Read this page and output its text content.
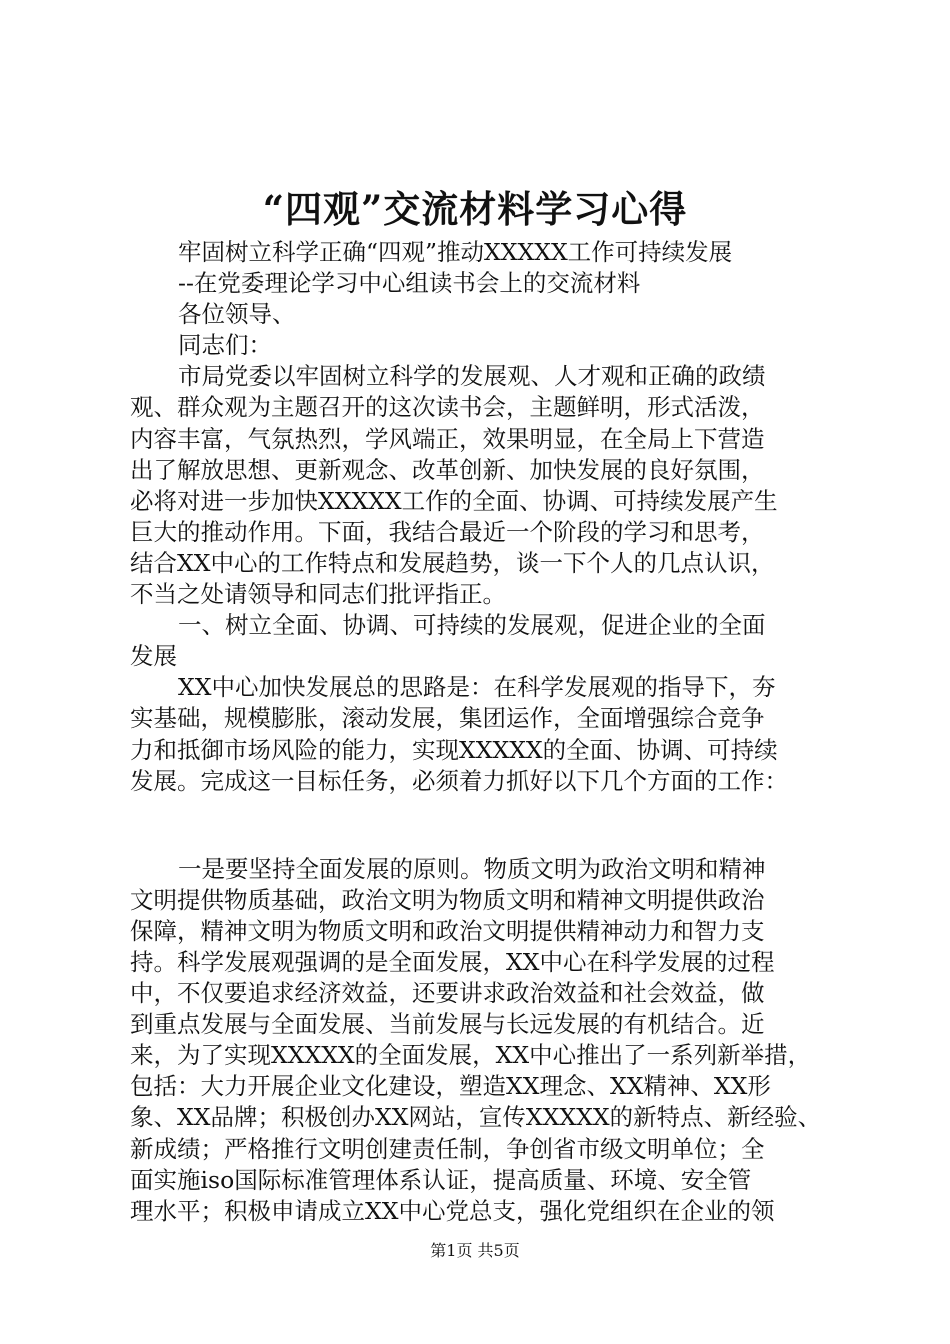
“四观”交流材料学习心得
牢固树立科学正确“四观”推动XXXXX工作可持续发展
--在党委理论学习中心组读书会上的交流材料
各位领导、
同志们：
市局党委以牢固树立科学的发展观、人才观和正确的政绩
观、群众观为主题召开的这次读书会，主题鲜明，形式活泼，
内容丰富，气氛热烈，学风端正，效果明显，在全局上下营造
出了解放思想、更新观念、改革创新、加快发展的良好氛围，
必将对进一步加快XXXXX工作的全面、协调、可持续发展产生
巨大的推动作用。下面，我结合最近一个阶段的学习和思考，
结合XX中心的工作特点和发展趋势，谈一下个人的几点认识，
不当之处请领导和同志们批评指正。
一、树立全面、协调、可持续的发展观，促进企业的全面
发展
XX中心加快发展总的思路是：在科学发展观的指导下，夯
实基础，规模膨胀，滚动发展，集团运作，全面增强综合竞争
力和抵御市场风险的能力，实现XXXXX的全面、协调、可持续
发展。完成这一目标任务，必须着力抓好以下几个方面的工作：
一是要坚持全面发展的原则。物质文明为政治文明和精神
文明提供物质基础，政治文明为物质文明和精神文明提供政治
保障，精神文明为物质文明和政治文明提供精神动力和智力支
持。科学发展观强调的是全面发展，XX中心在科学发展的过程
中，不仅要追求经济效益，还要讲求政治效益和社会效益，做
到重点发展与全面发展、当前发展与长远发展的有机结合。近
来，为了实现XXXXX的全面发展，XX中心推出了一系列新举措，
包括：大力开展企业文化建设，塑造XX理念、XX精神、XX形
象、XX品牌；积极创办XX网站，宣传XXXXX的新特点、新经验、
新成绩；严格推行文明创建责任制，争创省市级文明单位；全
面实施iso国际标准管理体系认证，提高质量、环境、安全管
理水平；积极申请成立XX中心党总支，强化党组织在企业的领
第1页 共5页
